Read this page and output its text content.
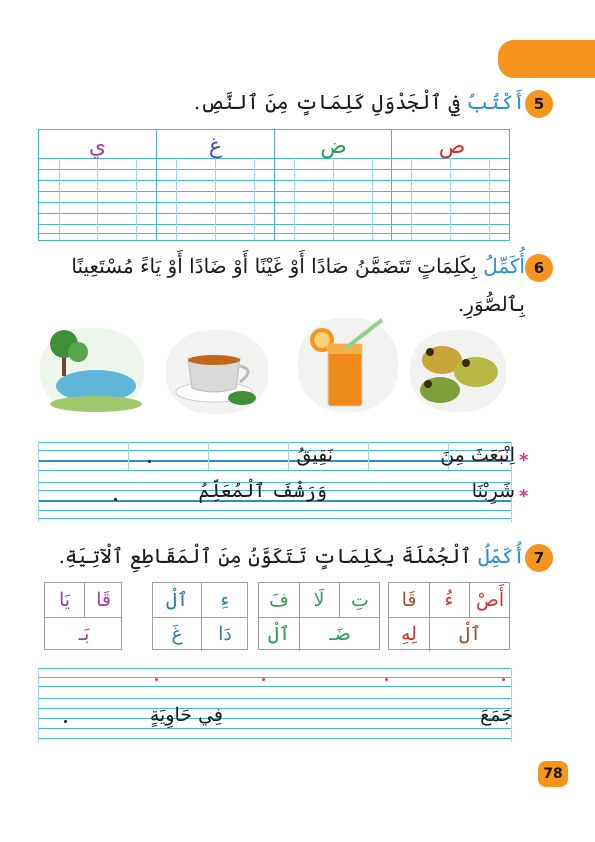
5
أَكْتُبُ فِي ٱلْجَدْوَلِ كَلِمَاتٍ مِنَ ٱلنَّصِ.
ص
ض
غ
ي
6
أُكَمِّلُ بِكَلِمَاتٍ تَتَضَمَّنُ صَادًا أَوْ غَيْنًا أَوْ ضَادًا أَوْ يَاءً مُسْتَعِينًا
بِٱلصُّوَرِ.
*
*
اِنْبَعَثَ مِنَ
نَقِيقُ
شَرِبْنَا
وَرَشْفَ ٱلْمُعَلِّمُ
7
أُكَمِّلُ ٱلْجُمْلَةَ بِكَلِمَاتٍ تَتَكَوَّنُ مِنَ ٱلْمَقَاطِعِ ٱلْآتِيَةِ.
أَصْ
ءُ
قَا
ٱلْ
لِهِ
تِ
لَا
فَ
ضَـ
ٱلْ
ءِ
ٱلْ
دَا
غَ
قَا
يَا
بَـ
جَمَعَ
فِي حَاوِيَةٍ
78
